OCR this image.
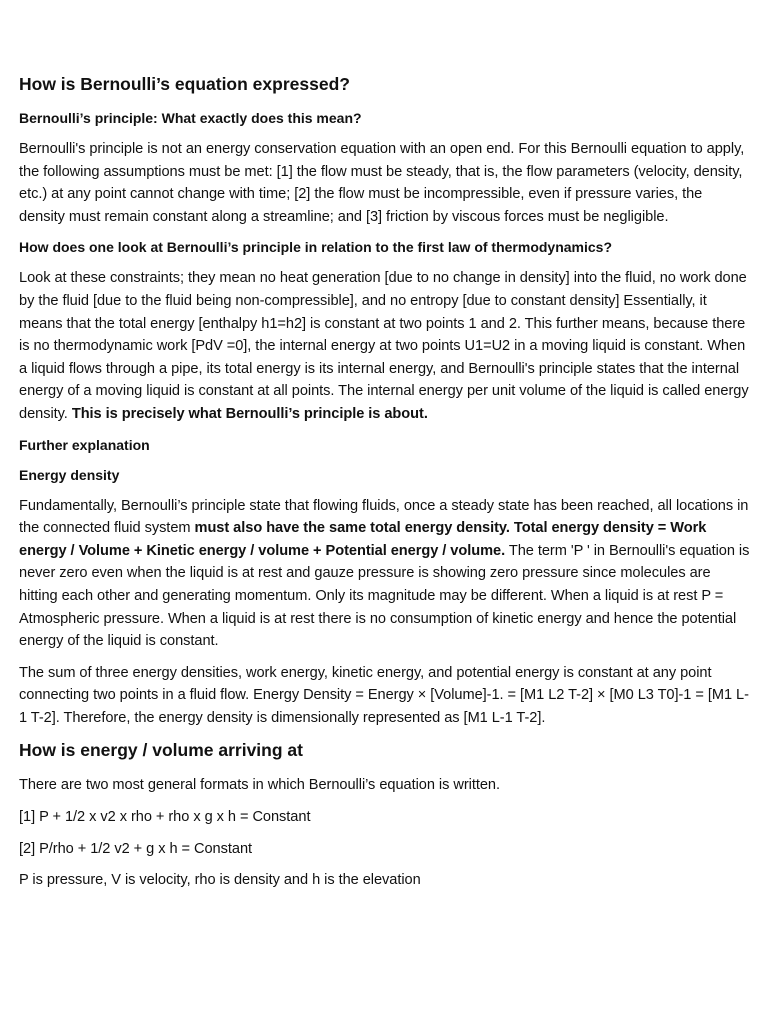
How is Bernoulli’s equation expressed?
Bernoulli’s principle: What exactly does this mean?
Bernoulli's principle is not an energy conservation equation with an open end. For this Bernoulli equation to apply, the following assumptions must be met: [1] the flow must be steady, that is, the flow parameters (velocity, density, etc.) at any point cannot change with time; [2] the flow must be incompressible, even if pressure varies, the density must remain constant along a streamline; and [3] friction by viscous forces must be negligible.
How does one look at Bernoulli’s principle in relation to the first law of thermodynamics?
Look at these constraints; they mean no heat generation [due to no change in density] into the fluid, no work done by the fluid [due to the fluid being non-compressible], and no entropy [due to constant density] Essentially, it means that the total energy [enthalpy h1=h2] is constant at two points 1 and 2. This further means, because there is no thermodynamic work [PdV =0], the internal energy at two points U1=U2 in a moving liquid is constant. When a liquid flows through a pipe, its total energy is its internal energy, and Bernoulli's principle states that the internal energy of a moving liquid is constant at all points. The internal energy per unit volume of the liquid is called energy density. This is precisely what Bernoulli’s principle is about.
Further explanation
Energy density
Fundamentally, Bernoulli’s principle state that flowing fluids, once a steady state has been reached, all locations in the connected fluid system must also have the same total energy density. Total energy density = Work energy / Volume + Kinetic energy / volume + Potential energy / volume. The term 'P ' in Bernoulli's equation is never zero even when the liquid is at rest and gauze pressure is showing zero pressure since molecules are hitting each other and generating momentum. Only its magnitude may be different. When a liquid is at rest P = Atmospheric pressure. When a liquid is at rest there is no consumption of kinetic energy and hence the potential energy of the liquid is constant.
The sum of three energy densities, work energy, kinetic energy, and potential energy is constant at any point connecting two points in a fluid flow. Energy Density = Energy × [Volume]-1. = [M1 L2 T-2] × [M0 L3 T0]-1 = [M1 L-1 T-2]. Therefore, the energy density is dimensionally represented as [M1 L-1 T-2].
How is energy / volume arriving at
There are two most general formats in which Bernoulli’s equation is written.
[1] P + 1/2 x v2 x rho + rho x g x h = Constant
[2] P/rho + 1/2 v2 + g x h = Constant
P is pressure, V is velocity, rho is density and h is the elevation
